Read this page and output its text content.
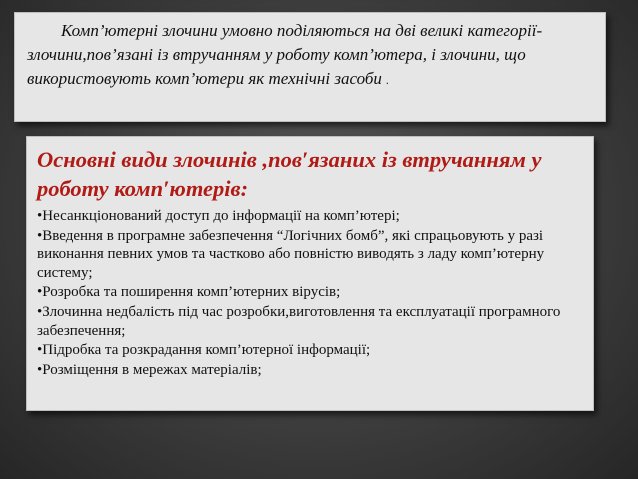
Комп’ютерні злочини умовно поділяються на дві великі категорії-злочини,пов’язані із втручанням у роботу комп’ютера, і злочини, що використовують комп’ютери як технічні засоби .

Основні види злочинів ,пов′язаних із втручанням у роботу комп′ютерів:
•Несанкціонований доступ до інформації на комп’ютері;
•Введення в програмне забезпечення “Логічних бомб”, які спрацьовують у разі виконання певних умов та частково або повністю виводять з ладу комп’ютерну систему;
•Розробка та поширення комп’ютерних вірусів;
•Злочинна недбалість під час розробки,виготовлення та експлуатації програмного забезпечення;
•Підробка та розкрадання комп’ютерної інформації;
•Розміщення в мережах матеріалів;
